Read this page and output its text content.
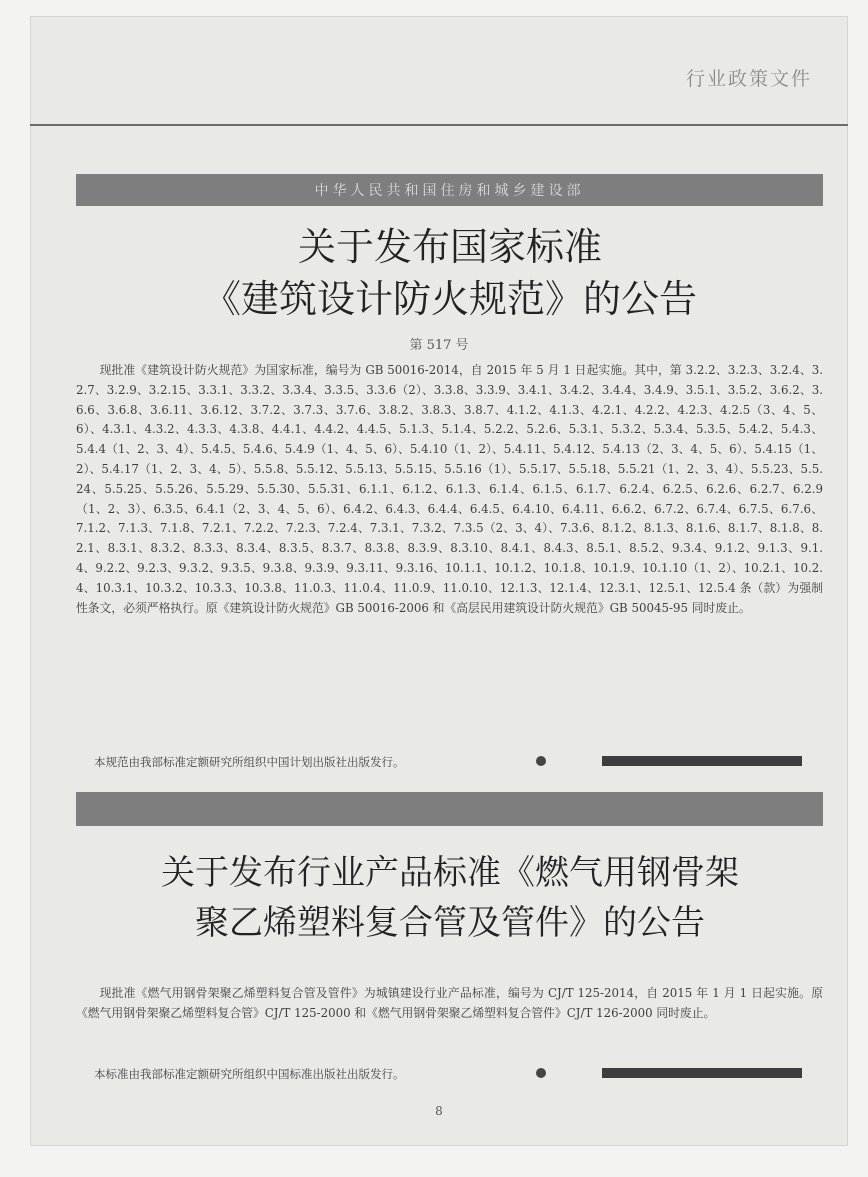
行业政策文件
中华人民共和国住房和城乡建设部
关于发布国家标准
《建筑设计防火规范》的公告
第 517 号

现批准《建筑设计防火规范》为国家标准，编号为 GB 50016-2014，自 2015 年 5 月 1 日起实施。其中，第 3.2.2、3.2.3、3.2.4、3.2.7、3.2.9、3.2.15、3.3.1、3.3.2、3.3.4、3.3.5、3.3.6（2）、3.3.8、3.3.9、3.4.1、3.4.2、3.4.4、3.4.9、3.5.1、3.5.2、3.6.2、3.6.6、3.6.8、3.6.11、3.6.12、3.7.2、3.7.3、3.7.6、3.8.2、3.8.3、3.8.7、4.1.2、4.1.3、4.2.1、4.2.2、4.2.3、4.2.5（3、4、5、6）、4.3.1、4.3.2、4.3.3、4.3.8、4.4.1、4.4.2、4.4.5、5.1.3、5.1.4、5.2.2、5.2.6、5.3.1、5.3.2、5.3.4、5.3.5、5.4.2、5.4.3、5.4.4（1、2、3、4）、5.4.5、5.4.6、5.4.9（1、4、5、6）、5.4.10（1、2）、5.4.11、5.4.12、5.4.13（2、3、4、5、6）、5.4.15（1、2）、5.4.17（1、2、3、4、5）、5.5.8、5.5.12、5.5.13、5.5.15、5.5.16（1）、5.5.17、5.5.18、5.5.21（1、2、3、4）、5.5.23、5.5.24、5.5.25、5.5.26、5.5.29、5.5.30、5.5.31、6.1.1、6.1.2、6.1.3、6.1.4、6.1.5、6.1.7、6.2.4、6.2.5、6.2.6、6.2.7、6.2.9（1、2、3）、6.3.5、6.4.1（2、3、4、5、6）、6.4.2、6.4.3、6.4.4、6.4.5、6.4.10、6.4.11、6.6.2、6.7.2、6.7.4、6.7.5、6.7.6、7.1.2、7.1.3、7.1.8、7.2.1、7.2.2、7.2.3、7.2.4、7.3.1、7.3.2、7.3.5（2、3、4）、7.3.6、8.1.2、8.1.3、8.1.6、8.1.7、8.1.8、8.2.1、8.3.1、8.3.2、8.3.3、8.3.4、8.3.5、8.3.7、8.3.8、8.3.9、8.3.10、8.4.1、8.4.3、8.5.1、8.5.2、9.3.4、9.1.2、9.1.3、9.1.4、9.2.2、9.2.3、9.3.2、9.3.5、9.3.8、9.3.9、9.3.11、9.3.16、10.1.1、10.1.2、10.1.8、10.1.9、10.1.10（1、2）、10.2.1、10.2.4、10.3.1、10.3.2、10.3.3、10.3.8、11.0.3、11.0.4、11.0.9、11.0.10、12.1.3、12.1.4、12.3.1、12.5.1、12.5.4 条（款）为强制性条文，必须严格执行。原《建筑设计防火规范》GB 50016-2006 和《高层民用建筑设计防火规范》GB 50045-95 同时废止。

本规范由我部标准定额研究所组织中国计划出版社出版发行。
关于发布行业产品标准《燃气用钢骨架
聚乙烯塑料复合管及管件》的公告

现批准《燃气用钢骨架聚乙烯塑料复合管及管件》为城镇建设行业产品标准，编号为 CJ/T 125-2014，自 2015 年 1 月 1 日起实施。原《燃气用钢骨架聚乙烯塑料复合管》CJ/T 125-2000 和《燃气用钢骨架聚乙烯塑料复合管件》CJ/T 126-2000 同时废止。

本标准由我部标准定额研究所组织中国标准出版社出版发行。
8
